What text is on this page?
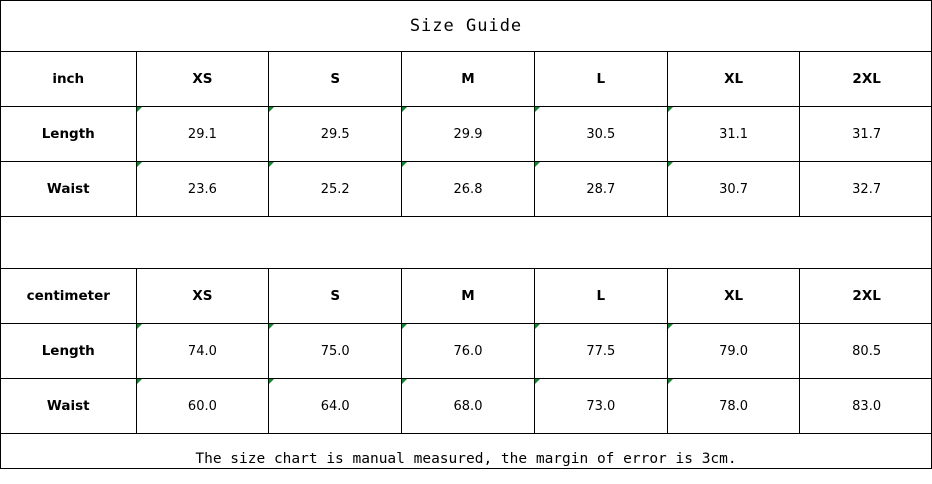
Size Guide
inch	XS	S	M	L	XL	2XL
Length	29.1	29.5	29.9	30.5	31.1	31.7
Waist	23.6	25.2	26.8	28.7	30.7	32.7
centimeter	XS	S	M	L	XL	2XL
Length	74.0	75.0	76.0	77.5	79.0	80.5
Waist	60.0	64.0	68.0	73.0	78.0	83.0
The size chart is manual measured, the margin of error is 3cm.
